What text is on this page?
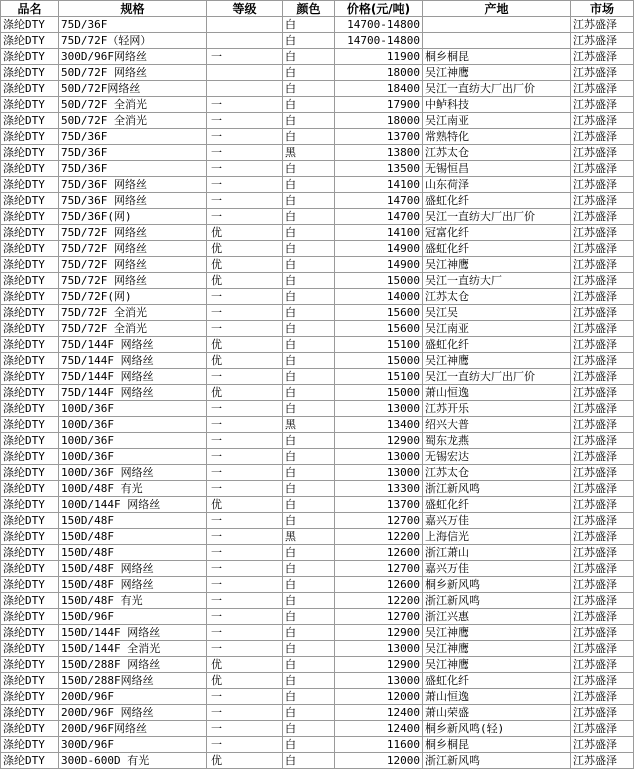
品名	规格	等级	颜色	价格(元/吨)	产地	市场
涤纶DTY	75D/36F		白	14700-14800		江苏盛泽
涤纶DTY	75D/72F（轻网）		白	14700-14800		江苏盛泽
涤纶DTY	300D/96F网络丝	一	白	11900	桐乡桐昆	江苏盛泽
涤纶DTY	50D/72F 网络丝		白	18000	吴江神鹰	江苏盛泽
涤纶DTY	50D/72F网络丝		白	18400	吴江一直纺大厂出厂价	江苏盛泽
涤纶DTY	50D/72F 全消光	一	白	17900	中鲈科技	江苏盛泽
涤纶DTY	50D/72F 全消光	一	白	18000	吴江南亚	江苏盛泽
涤纶DTY	75D/36F	一	白	13700	常熟特化	江苏盛泽
涤纶DTY	75D/36F	一	黑	13800	江苏太仓	江苏盛泽
涤纶DTY	75D/36F	一	白	13500	无锡恒昌	江苏盛泽
涤纶DTY	75D/36F 网络丝	一	白	14100	山东荷泽	江苏盛泽
涤纶DTY	75D/36F 网络丝	一	白	14700	盛虹化纤	江苏盛泽
涤纶DTY	75D/36F(网)	一	白	14700	吴江一直纺大厂出厂价	江苏盛泽
涤纶DTY	75D/72F 网络丝	优	白	14100	冠富化纤	江苏盛泽
涤纶DTY	75D/72F 网络丝	优	白	14900	盛虹化纤	江苏盛泽
涤纶DTY	75D/72F 网络丝	优	白	14900	吴江神鹰	江苏盛泽
涤纶DTY	75D/72F 网络丝	优	白	15000	吴江一直纺大厂	江苏盛泽
涤纶DTY	75D/72F(网)	一	白	14000	江苏太仓	江苏盛泽
涤纶DTY	75D/72F 全消光	一	白	15600	吴江吴	江苏盛泽
涤纶DTY	75D/72F 全消光	一	白	15600	吴江南亚	江苏盛泽
涤纶DTY	75D/144F 网络丝	优	白	15100	盛虹化纤	江苏盛泽
涤纶DTY	75D/144F 网络丝	优	白	15000	吴江神鹰	江苏盛泽
涤纶DTY	75D/144F 网络丝	一	白	15100	吴江一直纺大厂出厂价	江苏盛泽
涤纶DTY	75D/144F 网络丝	优	白	15000	萧山恒逸	江苏盛泽
涤纶DTY	100D/36F	一	白	13000	江苏开乐	江苏盛泽
涤纶DTY	100D/36F	一	黑	13400	绍兴大普	江苏盛泽
涤纶DTY	100D/36F	一	白	12900	蜀东龙燕	江苏盛泽
涤纶DTY	100D/36F	一	白	13000	无锡宏达	江苏盛泽
涤纶DTY	100D/36F 网络丝	一	白	13000	江苏太仓	江苏盛泽
涤纶DTY	100D/48F 有光	一	白	13300	浙江新风鸣	江苏盛泽
涤纶DTY	100D/144F 网络丝	优	白	13700	盛虹化纤	江苏盛泽
涤纶DTY	150D/48F	一	白	12700	嘉兴万佳	江苏盛泽
涤纶DTY	150D/48F	一	黑	12200	上海信光	江苏盛泽
涤纶DTY	150D/48F	一	白	12600	浙江萧山	江苏盛泽
涤纶DTY	150D/48F 网络丝	一	白	12700	嘉兴万佳	江苏盛泽
涤纶DTY	150D/48F 网络丝	一	白	12600	桐乡新风鸣	江苏盛泽
涤纶DTY	150D/48F 有光	一	白	12200	浙江新风鸣	江苏盛泽
涤纶DTY	150D/96F	一	白	12700	浙江兴惠	江苏盛泽
涤纶DTY	150D/144F 网络丝	一	白	12900	吴江神鹰	江苏盛泽
涤纶DTY	150D/144F 全消光	一	白	13000	吴江神鹰	江苏盛泽
涤纶DTY	150D/288F 网络丝	优	白	12900	吴江神鹰	江苏盛泽
涤纶DTY	150D/288F网络丝	优	白	13000	盛虹化纤	江苏盛泽
涤纶DTY	200D/96F	一	白	12000	萧山恒逸	江苏盛泽
涤纶DTY	200D/96F 网络丝	一	白	12400	萧山荣盛	江苏盛泽
涤纶DTY	200D/96F网络丝	一	白	12400	桐乡新风鸣(轻)	江苏盛泽
涤纶DTY	300D/96F	一	白	11600	桐乡桐昆	江苏盛泽
涤纶DTY	300D-600D 有光	优	白	12000	浙江新风鸣	江苏盛泽
